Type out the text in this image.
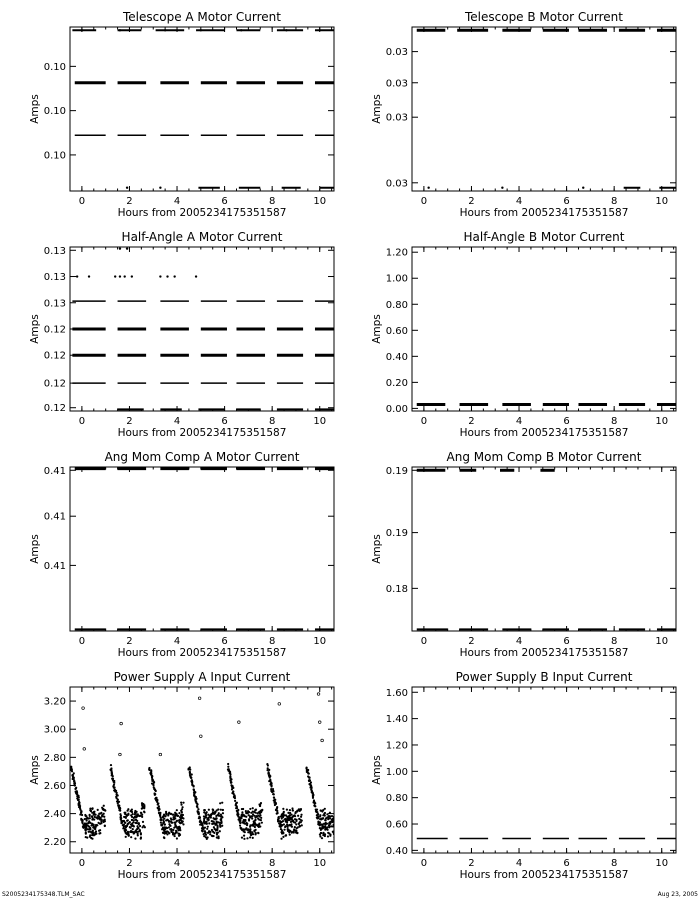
Telescope A Motor Current
0	2	4	6	8	10
0.10
0.10
0.10
Hours from 2005234175351587
Amps
Telescope B Motor Current
0	2	4	6	8	10
0.03
0.03
0.03
0.03
Hours from 2005234175351587
Amps
Half-Angle A Motor Current
0	2	4	6	8	10
0.12
0.12
0.12
0.12
0.13
0.13
0.13
Hours from 2005234175351587
Amps
Half-Angle B Motor Current
0	2	4	6	8	10
0.00
0.20
0.40
0.60
0.80
1.00
1.20
Hours from 2005234175351587
Amps
Ang Mom Comp A Motor Current
0	2	4	6	8	10
0.41
0.41
0.41
Hours from 2005234175351587
Amps
Ang Mom Comp B Motor Current
0	2	4	6	8	10
0.18
0.19
0.19
Hours from 2005234175351587
Amps
Power Supply A Input Current
0	2	4	6	8	10
2.20
2.40
2.60
2.80
3.00
3.20
Hours from 2005234175351587
Amps
Power Supply B Input Current
0	2	4	6	8	10
0.40
0.60
0.80
1.00
1.20
1.40
1.60
Hours from 2005234175351587
Amps
S2005234175348.TLM_SAC	Aug 23, 2005
